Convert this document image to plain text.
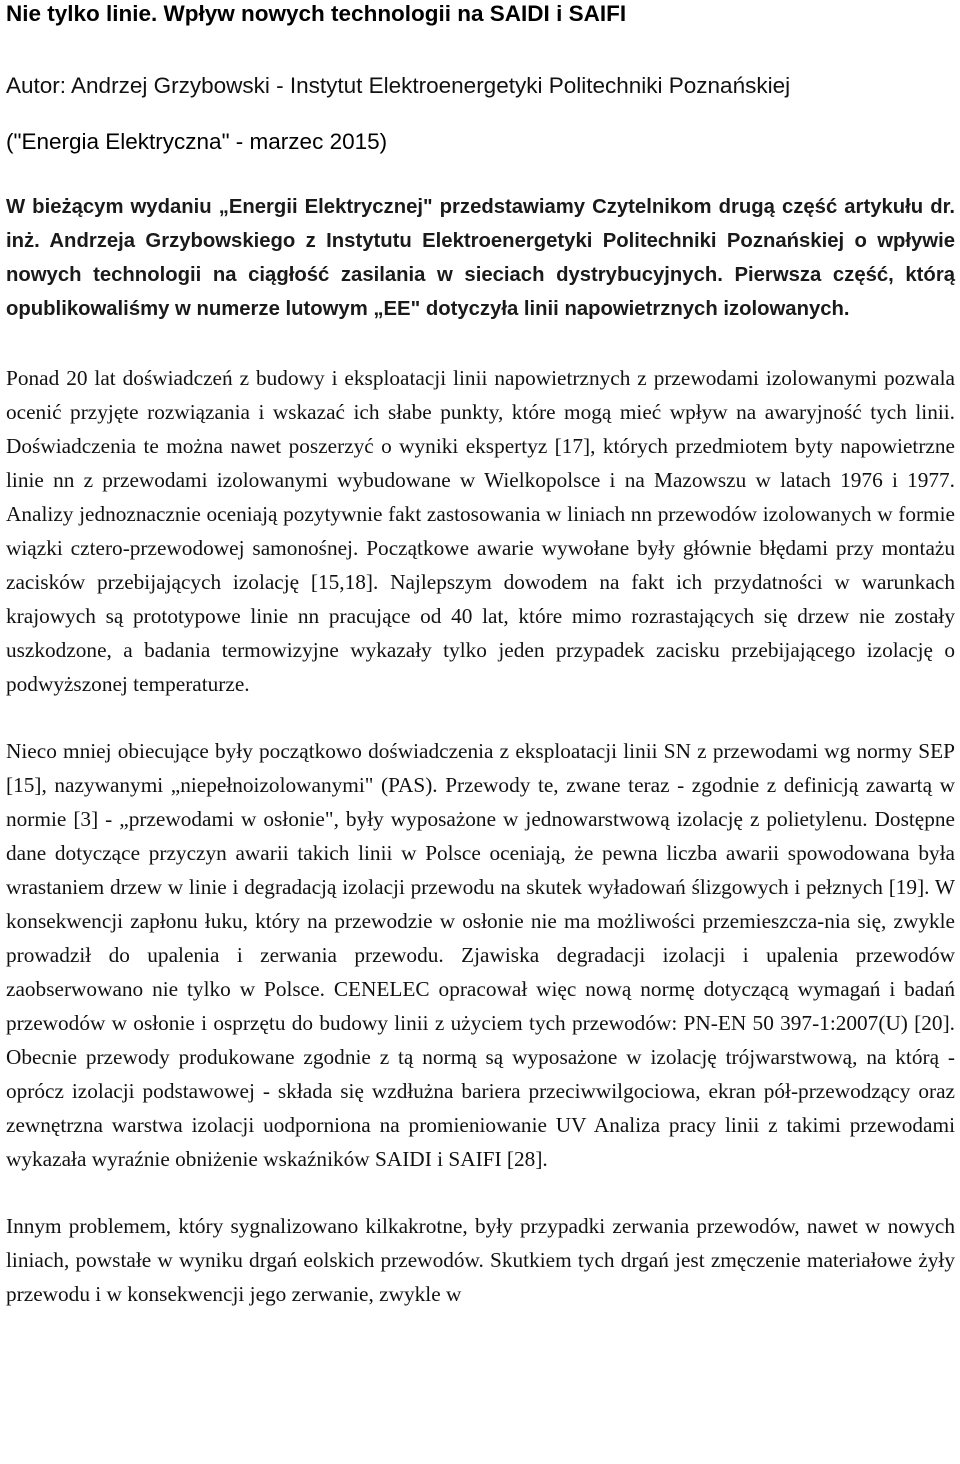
Nie tylko linie. Wpływ nowych technologii na SAIDI i SAIFI
Autor: Andrzej Grzybowski - Instytut Elektroenergetyki Politechniki Poznańskiej
("Energia Elektryczna" - marzec 2015)

W bieżącym wydaniu „Energii Elektrycznej" przedstawiamy Czytelnikom drugą część artykułu dr. inż. Andrzeja Grzybowskiego z Instytutu Elektroenergetyki Politechniki Poznańskiej o wpływie nowych technologii na ciągłość zasilania w sieciach dystrybucyjnych. Pierwsza część, którą opublikowaliśmy w numerze lutowym „EE" dotyczyła linii napowietrznych izolowanych.

Ponad 20 lat doświadczeń z budowy i eksploatacji linii napowietrznych z przewodami izolowanymi pozwala ocenić przyjęte rozwiązania i wskazać ich słabe punkty, które mogą mieć wpływ na awaryjność tych linii. Doświadczenia te można nawet poszerzyć o wyniki ekspertyz [17], których przedmiotem byty napowietrzne linie nn z przewodami izolowanymi wybudowane w Wielkopolsce i na Mazowszu w latach 1976 i 1977. Analizy jednoznacznie oceniają pozytywnie fakt zastosowania w liniach nn przewodów izolowanych w formie wiązki cztero-przewodowej samonośnej. Początkowe awarie wywołane były głównie błędami przy montażu zacisków przebijających izolację [15,18]. Najlepszym dowodem na fakt ich przydatności w warunkach krajowych są prototypowe linie nn pracujące od 40 lat, które mimo rozrastających się drzew nie zostały uszkodzone, a badania termowizyjne wykazały tylko jeden przypadek zacisku przebijającego izolację o podwyższonej temperaturze.

Nieco mniej obiecujące były początkowo doświadczenia z eksploatacji linii SN z przewodami wg normy SEP [15], nazywanymi „niepełnoizolowanymi" (PAS). Przewody te, zwane teraz - zgodnie z definicją zawartą w normie [3] - „przewodami w osłonie", były wyposażone w jednowarstwową izolację z polietylenu. Dostępne dane dotyczące przyczyn awarii takich linii w Polsce oceniają, że pewna liczba awarii spowodowana była wrastaniem drzew w linie i degradacją izolacji przewodu na skutek wyładowań ślizgowych i pełznych [19]. W konsekwencji zapłonu łuku, który na przewodzie w osłonie nie ma możliwości przemieszcza-nia się, zwykle prowadził do upalenia i zerwania przewodu. Zjawiska degradacji izolacji i upalenia przewodów zaobserwowano nie tylko w Polsce. CENELEC opracował więc nową normę dotyczącą wymagań i badań przewodów w osłonie i osprzętu do budowy linii z użyciem tych przewodów: PN-EN 50 397-1:2007(U) [20]. Obecnie przewody produkowane zgodnie z tą normą są wyposażone w izolację trójwarstwową, na którą - oprócz izolacji podstawowej - składa się wzdłużna bariera przeciwwilgociowa, ekran pół-przewodzący oraz zewnętrzna warstwa izolacji uodporniona na promieniowanie UV Analiza pracy linii z takimi przewodami wykazała wyraźnie obniżenie wskaźników SAIDI i SAIFI [28].

Innym problemem, który sygnalizowano kilkakrotne, były przypadki zerwania przewodów, nawet w nowych liniach, powstałe w wyniku drgań eolskich przewodów. Skutkiem tych drgań jest zmęczenie materiałowe żyły przewodu i w konsekwencji jego zerwanie, zwykle w
